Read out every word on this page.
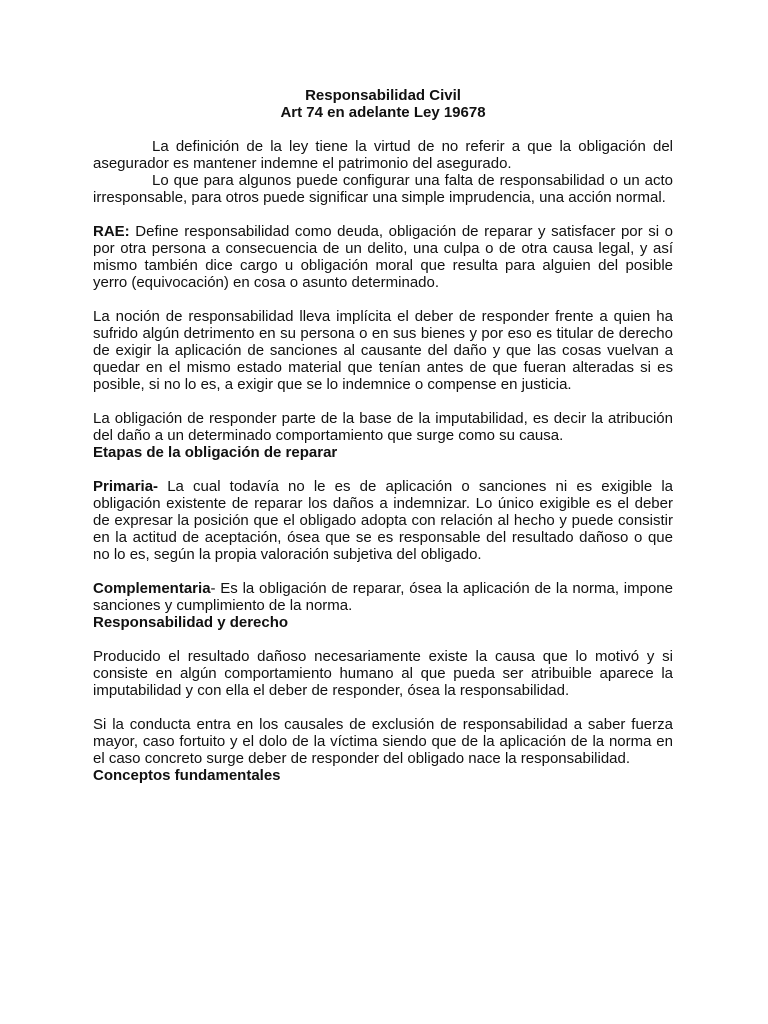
Responsabilidad Civil

Art 74 en adelante Ley 19678

La definición de la ley tiene la virtud de no referir a que la obligación del asegurador es mantener indemne el patrimonio del asegurado.

Lo que para algunos puede configurar una falta de responsabilidad o un acto irresponsable, para otros puede significar una simple imprudencia, una acción normal.

RAE: Define responsabilidad como deuda, obligación de reparar y satisfacer por si o por otra persona a consecuencia de un delito, una culpa o de otra causa legal, y así mismo también dice cargo u obligación moral que resulta para alguien del posible yerro (equivocación) en cosa o asunto determinado.

La noción de responsabilidad lleva implícita el deber de responder frente a quien ha sufrido algún detrimento en su persona o en sus bienes y por eso es titular de derecho de exigir la aplicación de sanciones al causante del daño y que las cosas vuelvan a quedar en el mismo estado material que tenían antes de que fueran alteradas si es posible, si no lo es, a exigir que se lo indemnice o compense en justicia.

La obligación de responder parte de la base de la imputabilidad, es decir la atribución del daño a un determinado comportamiento que surge como su causa.

Etapas de la obligación de reparar

Primaria- La cual todavía no le es de aplicación o sanciones ni es exigible la obligación existente de reparar los daños a indemnizar. Lo único exigible es el deber de expresar la posición que el obligado adopta con relación al hecho y puede consistir en la actitud de aceptación, ósea que se es responsable del resultado dañoso o que no lo es, según la propia valoración subjetiva del obligado.

Complementaria- Es la obligación de reparar, ósea la aplicación de la norma, impone sanciones y cumplimiento de la norma.

Responsabilidad y derecho

Producido el resultado dañoso necesariamente existe la causa que lo motivó y si consiste en algún comportamiento humano al que pueda ser atribuible aparece la imputabilidad y con ella el deber de responder, ósea la responsabilidad.

Si la conducta entra en los causales de exclusión de responsabilidad a saber fuerza mayor, caso fortuito y el dolo de la víctima siendo que de la aplicación de la norma en el caso concreto surge deber de responder del obligado nace la responsabilidad.

Conceptos fundamentales
